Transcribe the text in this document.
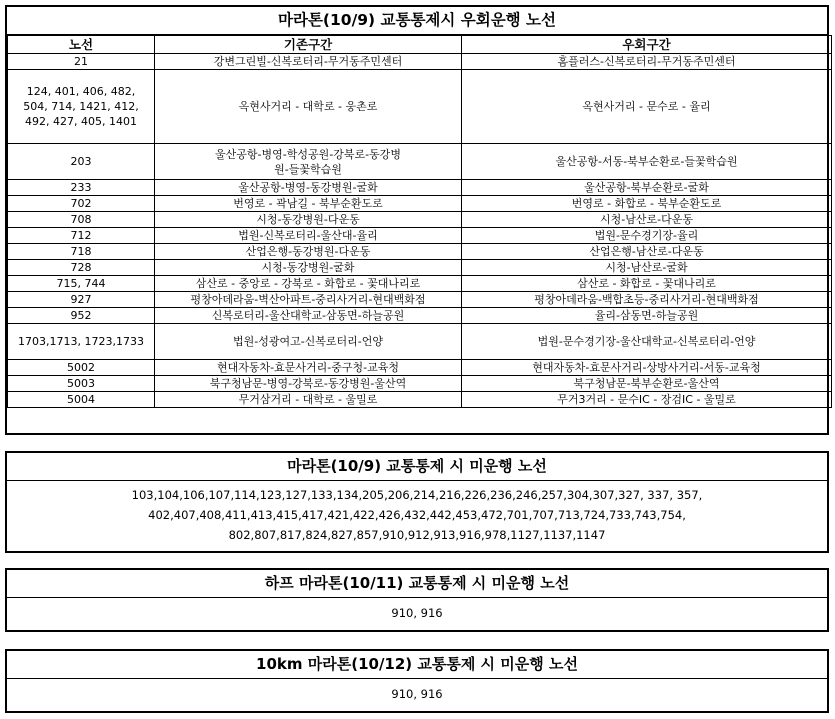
마라톤(10/9) 교통통제시 우회운행 노선
노선	기존구간	우회구간
21	강변그린빌-신복로터리-무거동주민센터	홈플러스-신복로터리-무거동주민센터
124, 401, 406, 482, 504, 714, 1421, 412, 492, 427, 405, 1401	옥현사거리 - 대학로 - 웅촌로	옥현사거리 - 문수로 - 율리
203	울산공항-병영-학성공원-강북로-동강병원-들꽃학습원	울산공항-서동-북부순환로-들꽃학습원
233	울산공항-병영-동강병원-굴화	울산공항-북부순환로-굴화
702	번영로 - 곽남길 - 북부순환도로	번영로 - 화합로 - 북부순환도로
708	시청-동강병원-다운동	시청-남산로-다운동
712	법원-신복로터리-울산대-율리	법원-문수경기장-율리
718	산업은행-동강병원-다운동	산업은행-남산로-다운동
728	시청-동강병원-굴화	시청-남산로-굴화
715, 744	삼산로 - 중앙로 - 강북로 - 화합로 - 꽃대나리로	삼산로 - 화합로 - 꽃대나리로
927	평창아데라움-벽산아파트-중리사거리-현대백화점	평창아데라움-백합초등-중리사거리-현대백화점
952	신복로터리-울산대학교-삼동면-하늘공원	율리-삼동면-하늘공원
1703,1713, 1723,1733	법원-성광여고-신복로터리-언양	법원-문수경기장-울산대학교-신복로터리-언양
5002	현대자동차-효문사거리-중구청-교육청	현대자동차-효문사거리-상방사거리-서동-교육청
5003	북구청남문-병영-강북로-동강병원-울산역	북구청남문-북부순환로-울산역
5004	무거삼거리 - 대학로 - 울밀로	무거3거리 - 문수IC - 장검IC - 울밀로
마라톤(10/9) 교통통제 시 미운행 노선
103,104,106,107,114,123,127,133,134,205,206,214,216,226,236,246,257,304,307,327, 337, 357,
402,407,408,411,413,415,417,421,422,426,432,442,453,472,701,707,713,724,733,743,754,
802,807,817,824,827,857,910,912,913,916,978,1127,1137,1147
하프 마라톤(10/11) 교통통제 시 미운행 노선
910, 916
10km 마라톤(10/12) 교통통제 시 미운행 노선
910, 916
